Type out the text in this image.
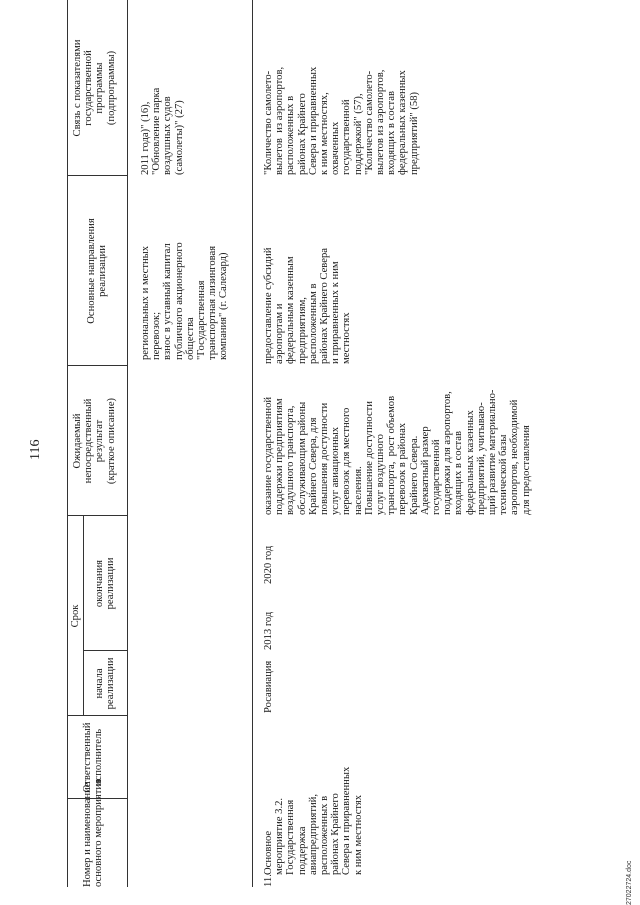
116
Номер и наименование
основного мероприятия
Основные направления
реализации
Ожидаемый
непосредственный
результат
(краткое описание)
Срок
начала
реализации
окончания
реализации
Связь с показателями
государственной
программы
(подпрограммы)
Ответственный
исполнитель
региональных и местных
перевозок;
взнос в уставный капитал
публичного акционерного
общества
"Государственная
транспортная лизинговая
компания" (г. Салехард)
2011 года)" (16),
"Обновление парка
воздушных судов
(самолеты)" (27)
11.
Основное
мероприятие 3.2.
Государственная
поддержка
авиапредприятий,
расположенных в
районах Крайнего
Севера и приравненных
к ним местностях
Росавиация
2013 год
2020 год
оказание государственной
поддержки предприятиям
воздушного транспорта,
обслуживающим районы
Крайнего Севера, для
повышения доступности
услуг авиационных
перевозок для местного
населения.
Повышение доступности
услуг воздушного
транспорта,  рост объемов
перевозок в районах
Крайнего Севера.
Адекватный размер
государственной
поддержки для аэропортов,
входящих в состав
федеральных казенных
предприятий, учитываю-
щий развитие материально-
технической базы
аэропортов, необходимой
для предоставления
предоставление субсидий
аэропортам и
федеральным казенным
предприятиям,
расположенным в
районах Крайнего Севера
и приравненных к ним
местностях
"Количество самолето-
вылетов  из аэропортов,
расположенных в
районах Крайнего
Севера и приравненных
к ним местностях,
охваченных
государственной
поддержкой" (57),
"Количество самолето-
вылетов из аэропортов,
входящих в состав
федеральных казенных
предприятий" (58)
27022724.doc
